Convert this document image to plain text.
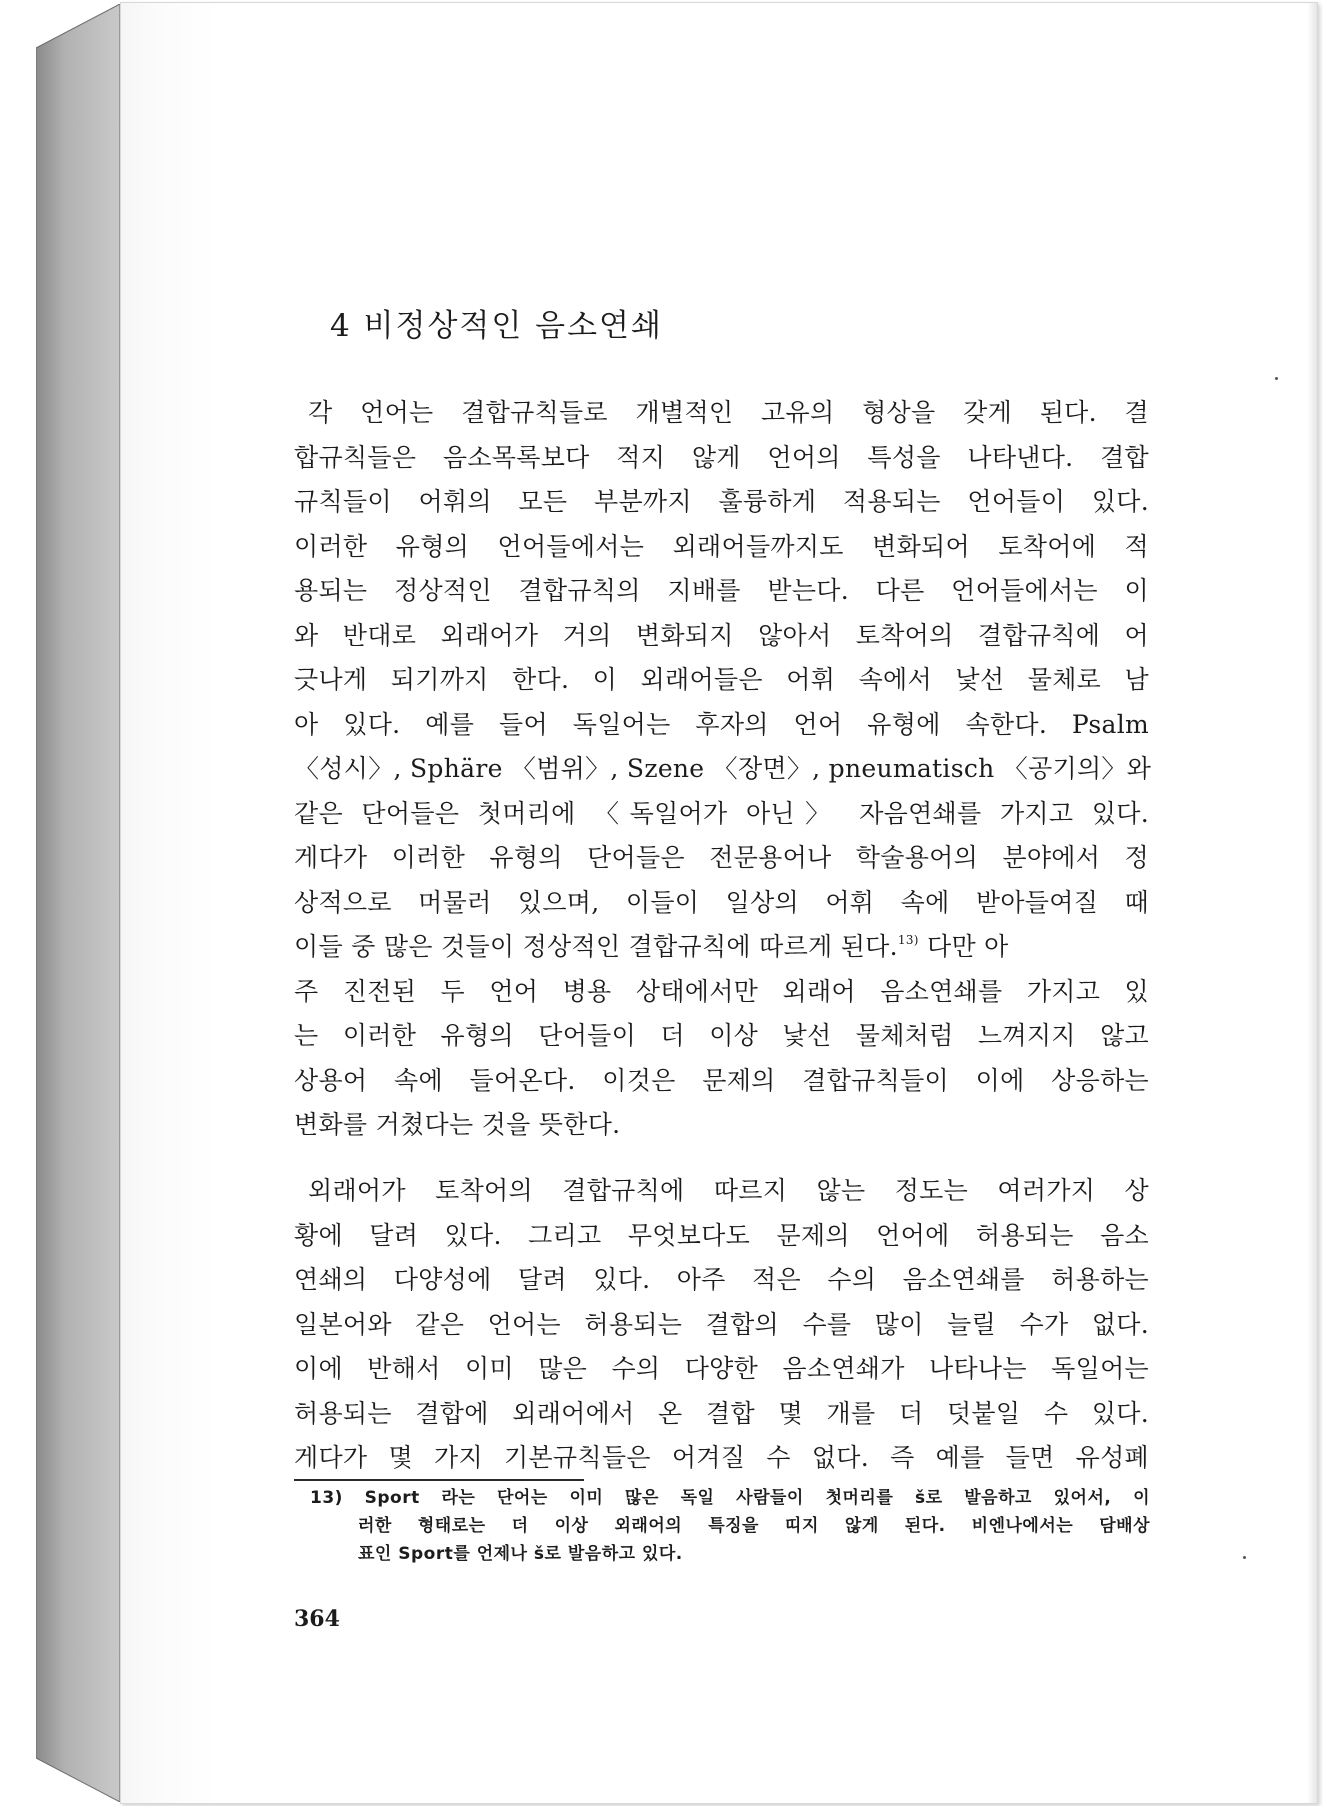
4 비정상적인 음소연쇄
각 언어는 결합규칙들로 개별적인 고유의 형상을 갖게 된다. 결
합규칙들은 음소목록보다 적지 않게 언어의 특성을 나타낸다. 결합
규칙들이 어휘의 모든 부분까지 훌륭하게 적용되는 언어들이 있다.
이러한 유형의 언어들에서는 외래어들까지도 변화되어 토착어에 적
용되는 정상적인 결합규칙의 지배를 받는다. 다른 언어들에서는 이
와 반대로 외래어가 거의 변화되지 않아서 토착어의 결합규칙에 어
긋나게 되기까지 한다. 이 외래어들은 어휘 속에서 낯선 물체로 남
아 있다. 예를 들어 독일어는 후자의 언어 유형에 속한다. Psalm
〈성시〉, Sphäre 〈범위〉, Szene 〈장면〉, pneumatisch 〈공기의〉와
같은 단어들은 첫머리에 〈독일어가 아닌〉 자음연쇄를 가지고 있다.
게다가 이러한 유형의 단어들은 전문용어나 학술용어의 분야에서 정
상적으로 머물러 있으며, 이들이 일상의 어휘 속에 받아들여질 때
이들 중 많은 것들이 정상적인 결합규칙에 따르게 된다.$^{13)}$ 다만 아
주 진전된 두 언어 병용 상태에서만 외래어 음소연쇄를 가지고 있
는 이러한 유형의 단어들이 더 이상 낯선 물체처럼 느껴지지 않고
상용어 속에 들어온다. 이것은 문제의 결합규칙들이 이에 상응하는
변화를 거쳤다는 것을 뜻한다.
외래어가 토착어의 결합규칙에 따르지 않는 정도는 여러가지 상
황에 달려 있다. 그리고 무엇보다도 문제의 언어에 허용되는 음소
연쇄의 다양성에 달려 있다. 아주 적은 수의 음소연쇄를 허용하는
일본어와 같은 언어는 허용되는 결합의 수를 많이 늘릴 수가 없다.
이에 반해서 이미 많은 수의 다양한 음소연쇄가 나타나는 독일어는
허용되는 결합에 외래어에서 온 결합 몇 개를 더 덧붙일 수 있다.
게다가 몇 가지 기본규칙들은 어겨질 수 없다. 즉 예를 들면 유성폐
13) Sport 라는 단어는 이미 많은 독일 사람들이 첫머리를 š로 발음하고 있어서, 이
러한 형태로는 더 이상 외래어의 특징을 띠지 않게 된다. 비엔나에서는 담배상
표인 Sport를 언제나 š로 발음하고 있다.

364
